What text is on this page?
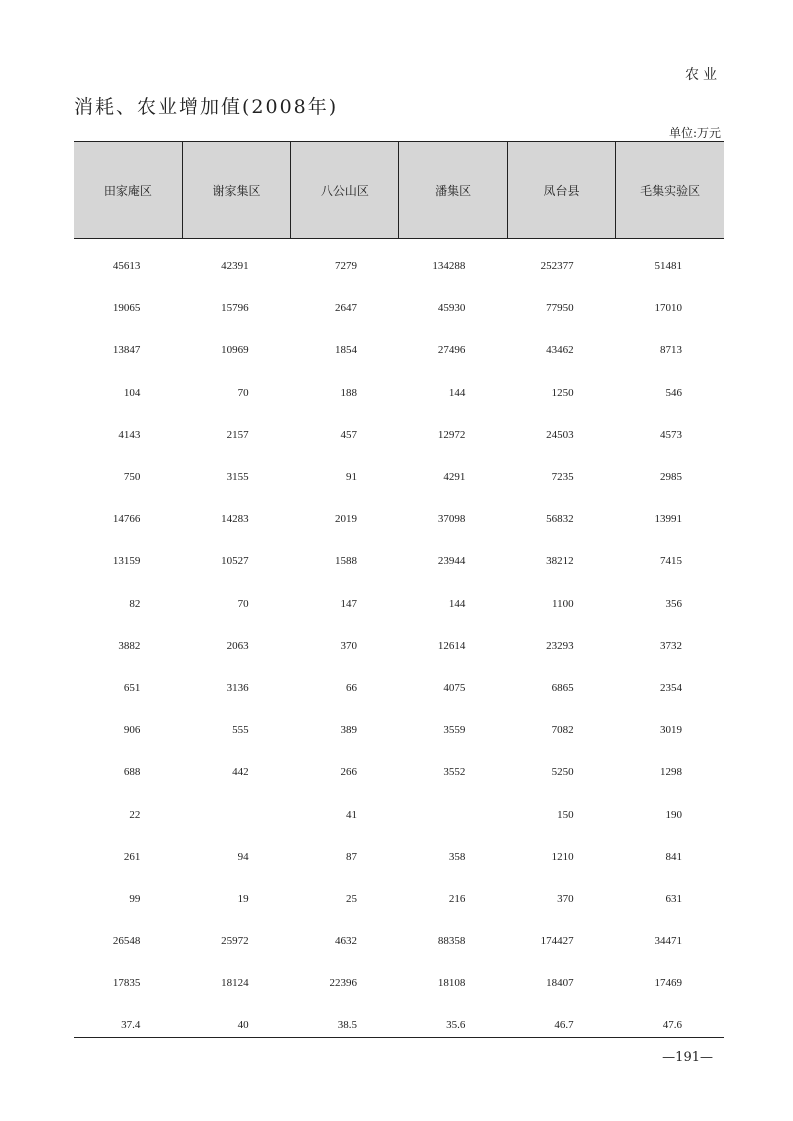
农业
消耗、农业增加值(2008年)
单位:万元
田家庵区	谢家集区	八公山区	潘集区	凤台县	毛集实验区
45613	42391	7279	134288	252377	51481
19065	15796	2647	45930	77950	17010
13847	10969	1854	27496	43462	8713
104	70	188	144	1250	546
4143	2157	457	12972	24503	4573
750	3155	91	4291	7235	2985
14766	14283	2019	37098	56832	13991
13159	10527	1588	23944	38212	7415
82	70	147	144	1100	356
3882	2063	370	12614	23293	3732
651	3136	66	4075	6865	2354
906	555	389	3559	7082	3019
688	442	266	3552	5250	1298
22		41		150	190
261	94	87	358	1210	841
99	19	25	216	370	631
26548	25972	4632	88358	174427	34471
17835	18124	22396	18108	18407	17469
37.4	40	38.5	35.6	46.7	47.6
—191—
